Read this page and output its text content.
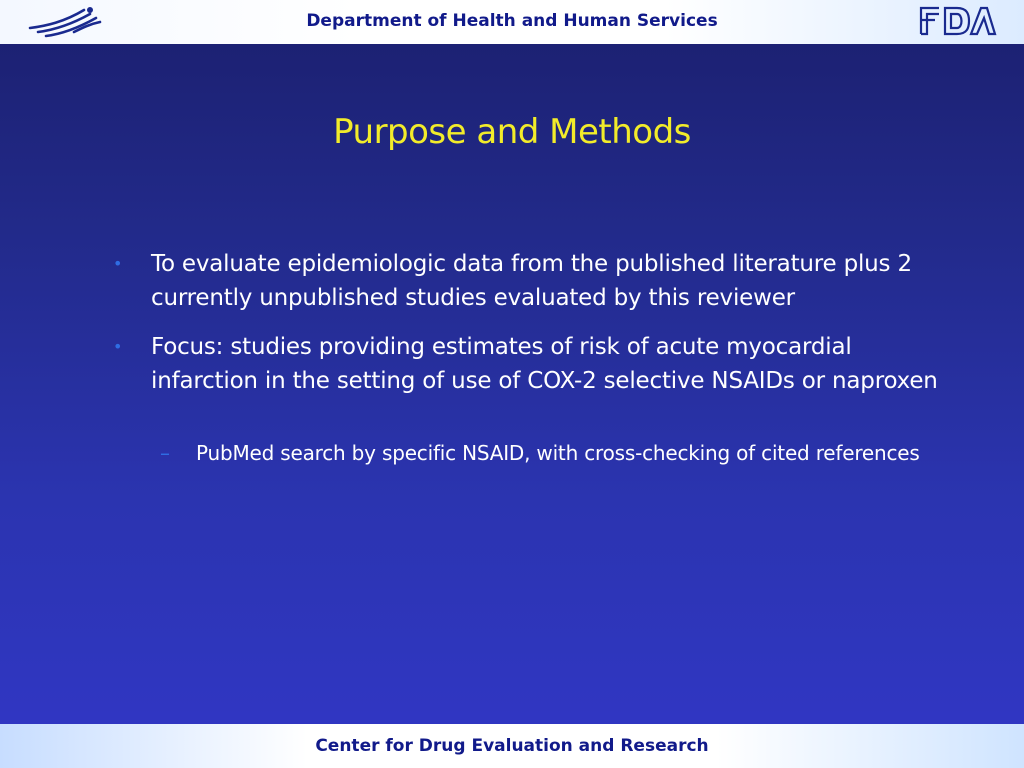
Department of Health and Human Services
Purpose and Methods
• To evaluate epidemiologic data from the published literature plus 2 currently unpublished studies evaluated by this reviewer
• Focus: studies providing estimates of risk of acute myocardial infarction in the setting of use of COX-2 selective NSAIDs or naproxen
– PubMed search by specific NSAID, with cross-checking of cited references
Center for Drug Evaluation and Research
